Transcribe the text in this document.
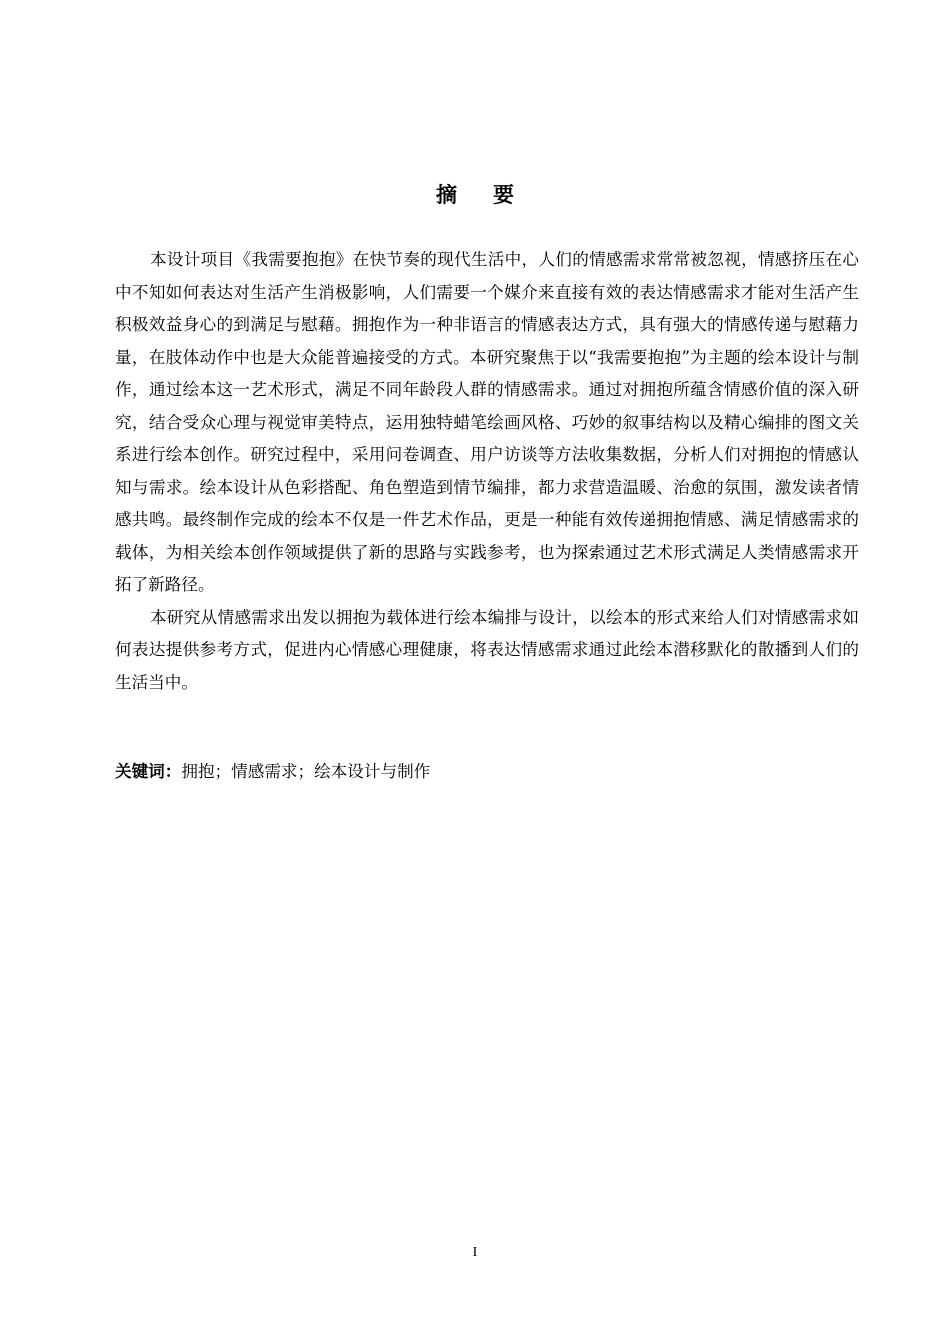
摘要

本设计项目《我需要抱抱》在快节奏的现代生活中，人们的情感需求常常被忽视，情感挤压在心中不知如何表达对生活产生消极影响，人们需要一个媒介来直接有效的表达情感需求才能对生活产生积极效益身心的到满足与慰藉。拥抱作为一种非语言的情感表达方式，具有强大的情感传递与慰藉力量，在肢体动作中也是大众能普遍接受的方式。本研究聚焦于以“我需要抱抱”为主题的绘本设计与制作，通过绘本这一艺术形式，满足不同年龄段人群的情感需求。通过对拥抱所蕴含情感价值的深入研究，结合受众心理与视觉审美特点，运用独特蜡笔绘画风格、巧妙的叙事结构以及精心编排的图文关系进行绘本创作。研究过程中，采用问卷调查、用户访谈等方法收集数据，分析人们对拥抱的情感认知与需求。绘本设计从色彩搭配、角色塑造到情节编排，都力求营造温暖、治愈的氛围，激发读者情感共鸣。最终制作完成的绘本不仅是一件艺术作品，更是一种能有效传递拥抱情感、满足情感需求的载体，为相关绘本创作领域提供了新的思路与实践参考，也为探索通过艺术形式满足人类情感需求开拓了新路径。

本研究从情感需求出发以拥抱为载体进行绘本编排与设计，以绘本的形式来给人们对情感需求如何表达提供参考方式，促进内心情感心理健康，将表达情感需求通过此绘本潜移默化的散播到人们的生活当中。

关键词：拥抱；情感需求；绘本设计与制作
I
